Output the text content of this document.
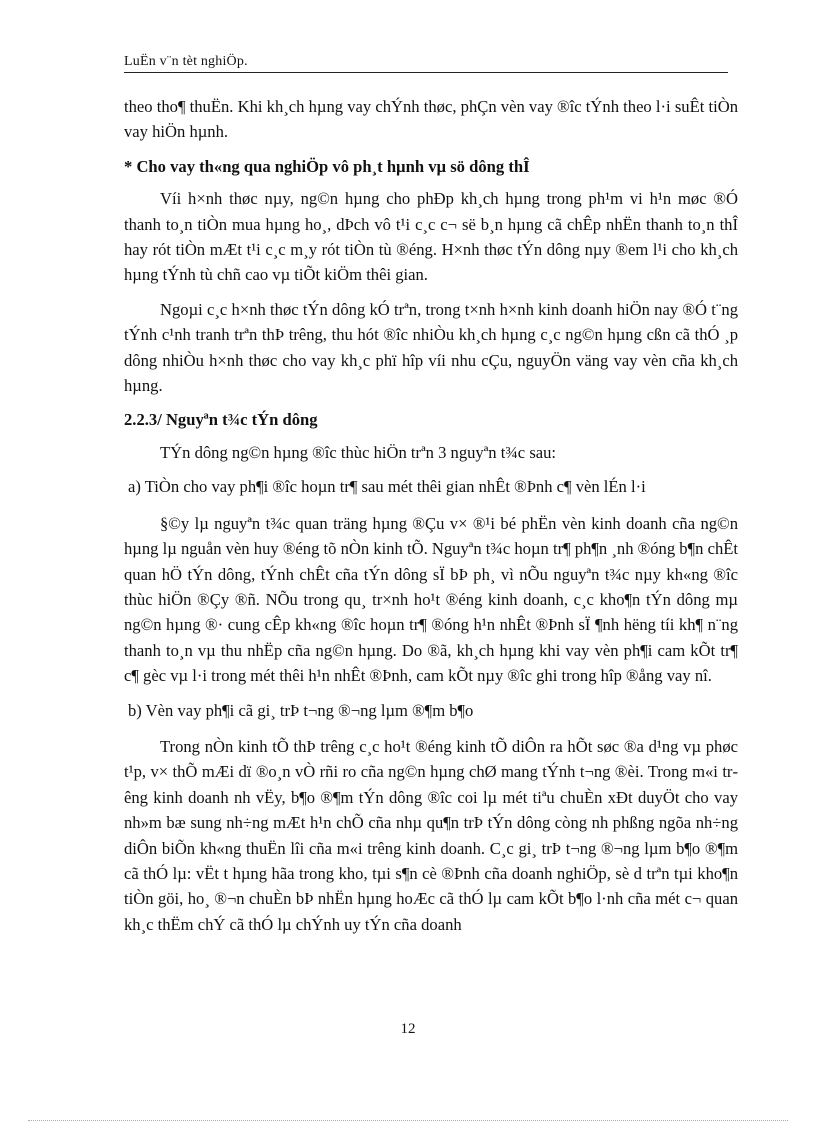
LuËn v¨n tèt nghiÖp.

theo tho¶ thuËn. Khi kh¸ch hµng vay chÝnh thøc, phÇn vèn vay ®îc tÝnh theo l·i suÊt tiÒn vay hiÖn hµnh.

* Cho vay th«ng qua nghiÖp vô ph¸t hµnh vµ sö dông thÎ

Víi h×nh thøc nµy, ng©n hµng cho phÐp kh¸ch hµng trong ph¹m vi h¹n møc ®Ó thanh to¸n tiÒn mua hµng ho¸, dÞch vô t¹i c¸c c¬ së b¸n hµng cã chÊp nhËn thanh to¸n thÎ hay rót tiÒn mÆt t¹i c¸c m¸y rót tiÒn tù ®éng. H×nh thøc tÝn dông nµy ®em l¹i cho kh¸ch hµng tÝnh tù chñ cao vµ tiÕt kiÖm thêi gian.

Ngoµi c¸c h×nh thøc tÝn dông kÓ trªn, trong t×nh h×nh kinh doanh hiÖn nay ®Ó t¨ng tÝnh c¹nh tranh trªn thÞ trêng, thu hót ®îc nhiÒu kh¸ch hµng c¸c ng©n hµng cßn cã thÓ ¸p dông nhiÒu h×nh thøc cho vay kh¸c phï hîp víi nhu cÇu, nguyÖn väng vay vèn cña kh¸ch hµng.

2.2.3/ Nguyªn t¾c tÝn dông

TÝn dông ng©n hµng ®îc thùc hiÖn trªn 3 nguyªn t¾c sau:

a) TiÒn cho vay ph¶i ®îc hoµn tr¶ sau mét thêi gian nhÊt ®Þnh c¶ vèn lÉn l·i

§©y lµ nguyªn t¾c quan träng hµng ®Çu v× ®¹i bé phËn vèn kinh doanh cña ng©n hµng lµ nguån vèn huy ®éng tõ nÒn kinh tÕ. Nguyªn t¾c hoµn tr¶ ph¶n ¸nh ®óng b¶n chÊt quan hÖ tÝn dông, tÝnh chÊt cña tÝn dông sÏ bÞ ph¸ vì nÕu nguyªn t¾c nµy kh«ng ®îc thùc hiÖn ®Çy ®ñ. NÕu trong qu¸ tr×nh ho¹t ®éng kinh doanh, c¸c kho¶n tÝn dông mµ ng©n hµng ®· cung cÊp kh«ng ®îc hoµn tr¶ ®óng h¹n nhÊt ®Þnh sÏ ¶nh hëng tíi kh¶ n¨ng thanh to¸n vµ thu nhËp cña ng©n hµng. Do ®ã, kh¸ch hµng khi vay vèn ph¶i cam kÕt tr¶ c¶ gèc vµ l·i trong mét thêi h¹n nhÊt ®Þnh, cam kÕt nµy ®îc ghi trong hîp ®ång vay nî.

b) Vèn vay ph¶i cã gi¸ trÞ t¬ng ®¬ng lµm ®¶m b¶o

Trong nÒn kinh tÕ thÞ trêng c¸c ho¹t ®éng kinh tÕ diÔn ra hÕt søc ®a d¹ng vµ phøc t¹p, v× thÕ mÆi dï ®o¸n vÒ rñi ro cña ng©n hµng chØ mang tÝnh t¬ng ®èi. Trong m«i trêng kinh doanh nh vËy, b¶o ®¶m tÝn dông ®îc coi lµ mét tiªu chuÈn xÐt duyÖt cho vay nh»m bæ sung nh÷ng mÆt h¹n chÕ cña nhµ qu¶n trÞ tÝn dông còng nh phßng ngõa nh÷ng diÔn biÕn kh«ng thuËn lîi cña m«i trêng kinh doanh. C¸c gi¸ trÞ t¬ng ®¬ng lµm b¶o ®¶m cã thÓ lµ: vËt t hµng hãa trong kho, tµi s¶n cè ®Þnh cña doanh nghiÖp, sè d trªn tµi kho¶n tiÒn göi, ho¸ ®¬n chuÈn bÞ nhËn hµng hoÆc cã thÓ lµ cam kÕt b¶o l·nh cña mét c¬ quan kh¸c thËm chÝ cã thÓ lµ chÝnh uy tÝn cña doanh

12
